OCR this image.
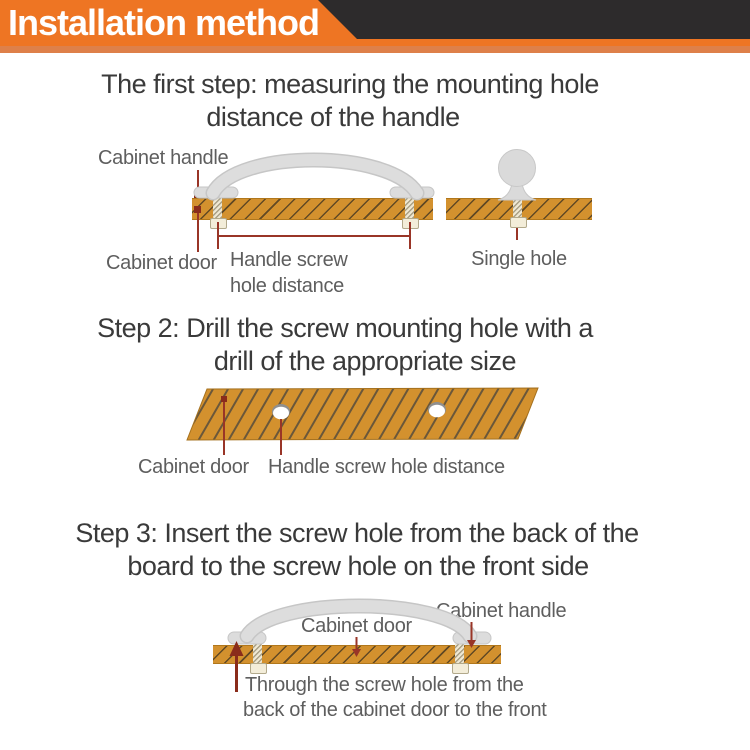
Installation method
The first step: measuring the mounting hole
distance of the handle
Cabinet handle
Cabinet door Handle screw
hole distance
Single hole
Step 2: Drill the screw mounting hole with a
drill of the appropriate size
Cabinet door Handle screw hole distance
Step 3: Insert the screw hole from the back of the
board to the screw hole on the front side
Cabinet handle
Cabinet door
Through the screw hole from the
back of the cabinet door to the front
